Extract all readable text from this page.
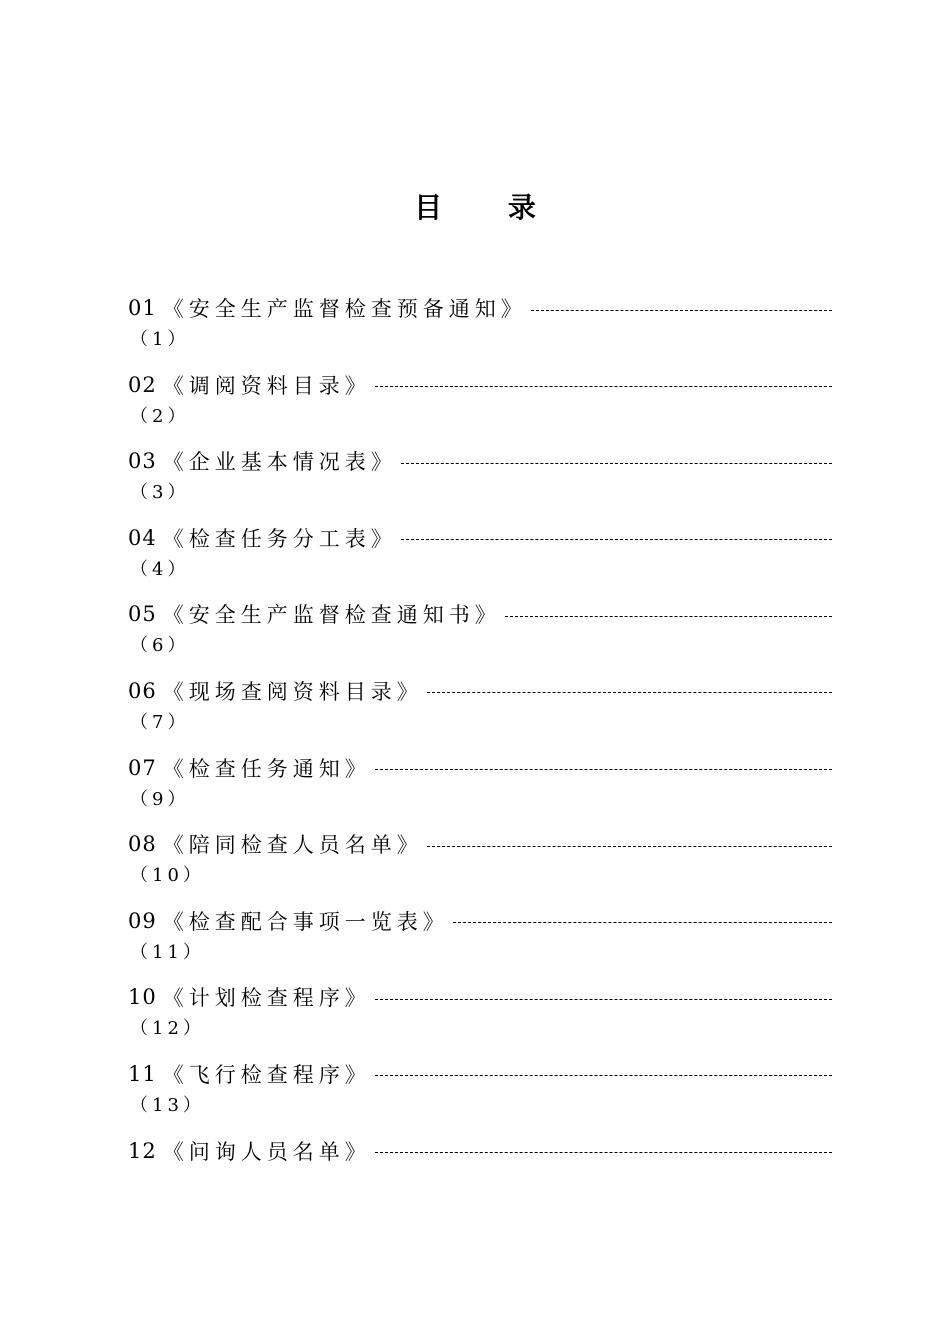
目 录
01 《安全生产监督检查预备通知》
（1）
02 《调阅资料目录》
（2）
03 《企业基本情况表》
（3）
04 《检查任务分工表》
（4）
05 《安全生产监督检查通知书》
（6）
06 《现场查阅资料目录》
（7）
07 《检查任务通知》
（9）
08 《陪同检查人员名单》
（10）
09 《检查配合事项一览表》
（11）
10 《计划检查程序》
（12）
11 《飞行检查程序》
（13）
12 《问询人员名单》
